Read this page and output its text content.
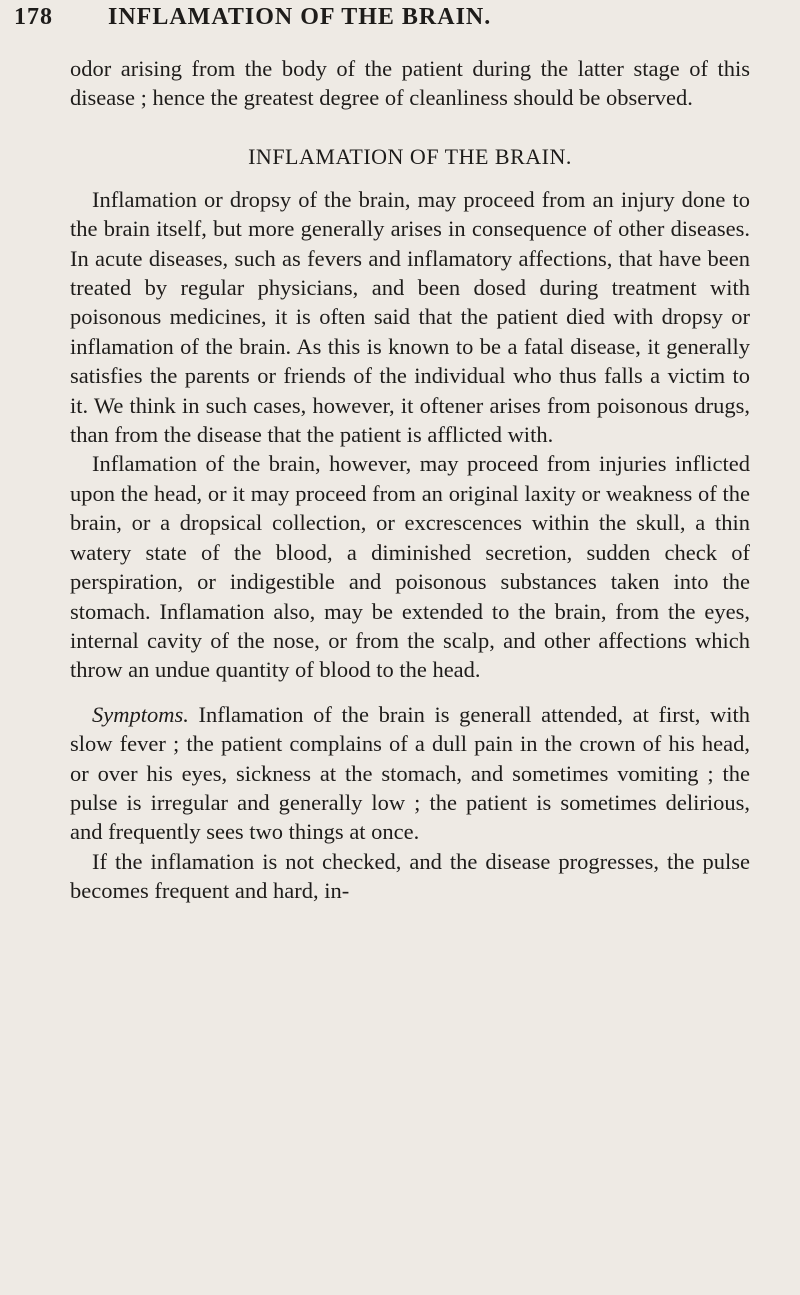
178 INFLAMATION OF THE BRAIN.

odor arising from the body of the patient during the latter stage of this disease ; hence the greatest degree of cleanliness should be observed.

INFLAMATION OF THE BRAIN.

Inflamation or dropsy of the brain, may proceed from an injury done to the brain itself, but more generally arises in consequence of other diseases. In acute diseases, such as fevers and inflamatory affections, that have been treated by regular physicians, and been dosed during treatment with poisonous medicines, it is often said that the patient died with dropsy or inflamation of the brain. As this is known to be a fatal disease, it generally satisfies the parents or friends of the individual who thus falls a victim to it. We think in such cases, however, it oftener arises from poisonous drugs, than from the disease that the patient is afflicted with.

Inflamation of the brain, however, may proceed from injuries inflicted upon the head, or it may proceed from an original laxity or weakness of the brain, or a dropsical collection, or excrescences within the skull, a thin watery state of the blood, a diminished secretion, sudden check of perspiration, or indigestible and poisonous substances taken into the stomach. Inflamation also, may be extended to the brain, from the eyes, internal cavity of the nose, or from the scalp, and other affections which throw an undue quantity of blood to the head.

Symptoms. Inflamation of the brain is generall attended, at first, with slow fever ; the patient complains of a dull pain in the crown of his head, or over his eyes, sickness at the stomach, and sometimes vomiting ; the pulse is irregular and generally low ; the patient is sometimes delirious, and frequently sees two things at once.

If the inflamation is not checked, and the disease progresses, the pulse becomes frequent and hard, in-
